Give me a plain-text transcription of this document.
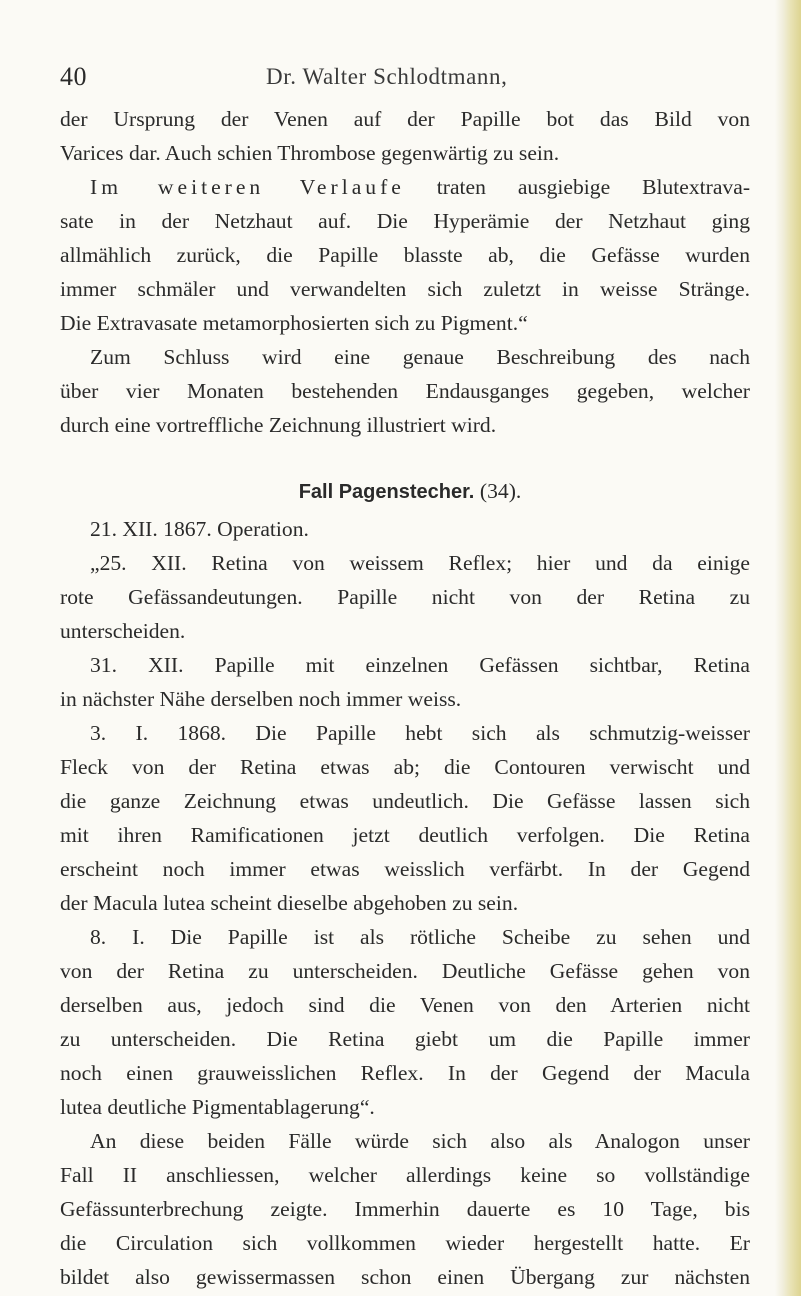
40	Dr. Walter Schlodtmann,
der Ursprung der Venen auf der Papille bot das Bild von
Varices dar. Auch schien Thrombose gegenwärtig zu sein.
Im weiteren Verlaufe traten ausgiebige Blutextrava-
sate in der Netzhaut auf. Die Hyperämie der Netzhaut ging
allmählich zurück, die Papille blasste ab, die Gefässe wurden
immer schmäler und verwandelten sich zuletzt in weisse Stränge.
Die Extravasate metamorphosierten sich zu Pigment.“
Zum Schluss wird eine genaue Beschreibung des nach
über vier Monaten bestehenden Endausganges gegeben, welcher
durch eine vortreffliche Zeichnung illustriert wird.
Fall Pagenstecher. (34).
21. XII. 1867. Operation.
„25. XII. Retina von weissem Reflex; hier und da einige
rote Gefässandeutungen. Papille nicht von der Retina zu
unterscheiden.
31. XII. Papille mit einzelnen Gefässen sichtbar, Retina
in nächster Nähe derselben noch immer weiss.
3. I. 1868. Die Papille hebt sich als schmutzig-weisser
Fleck von der Retina etwas ab; die Contouren verwischt und
die ganze Zeichnung etwas undeutlich. Die Gefässe lassen sich
mit ihren Ramificationen jetzt deutlich verfolgen. Die Retina
erscheint noch immer etwas weisslich verfärbt. In der Gegend
der Macula lutea scheint dieselbe abgehoben zu sein.
8. I. Die Papille ist als rötliche Scheibe zu sehen und
von der Retina zu unterscheiden. Deutliche Gefässe gehen von
derselben aus, jedoch sind die Venen von den Arterien nicht
zu unterscheiden. Die Retina giebt um die Papille immer
noch einen grauweisslichen Reflex. In der Gegend der Macula
lutea deutliche Pigmentablagerung“.
An diese beiden Fälle würde sich also als Analogon unser
Fall II anschliessen, welcher allerdings keine so vollständige
Gefässunterbrechung zeigte. Immerhin dauerte es 10 Tage, bis
die Circulation sich vollkommen wieder hergestellt hatte. Er
bildet also gewissermassen schon einen Übergang zur nächsten
